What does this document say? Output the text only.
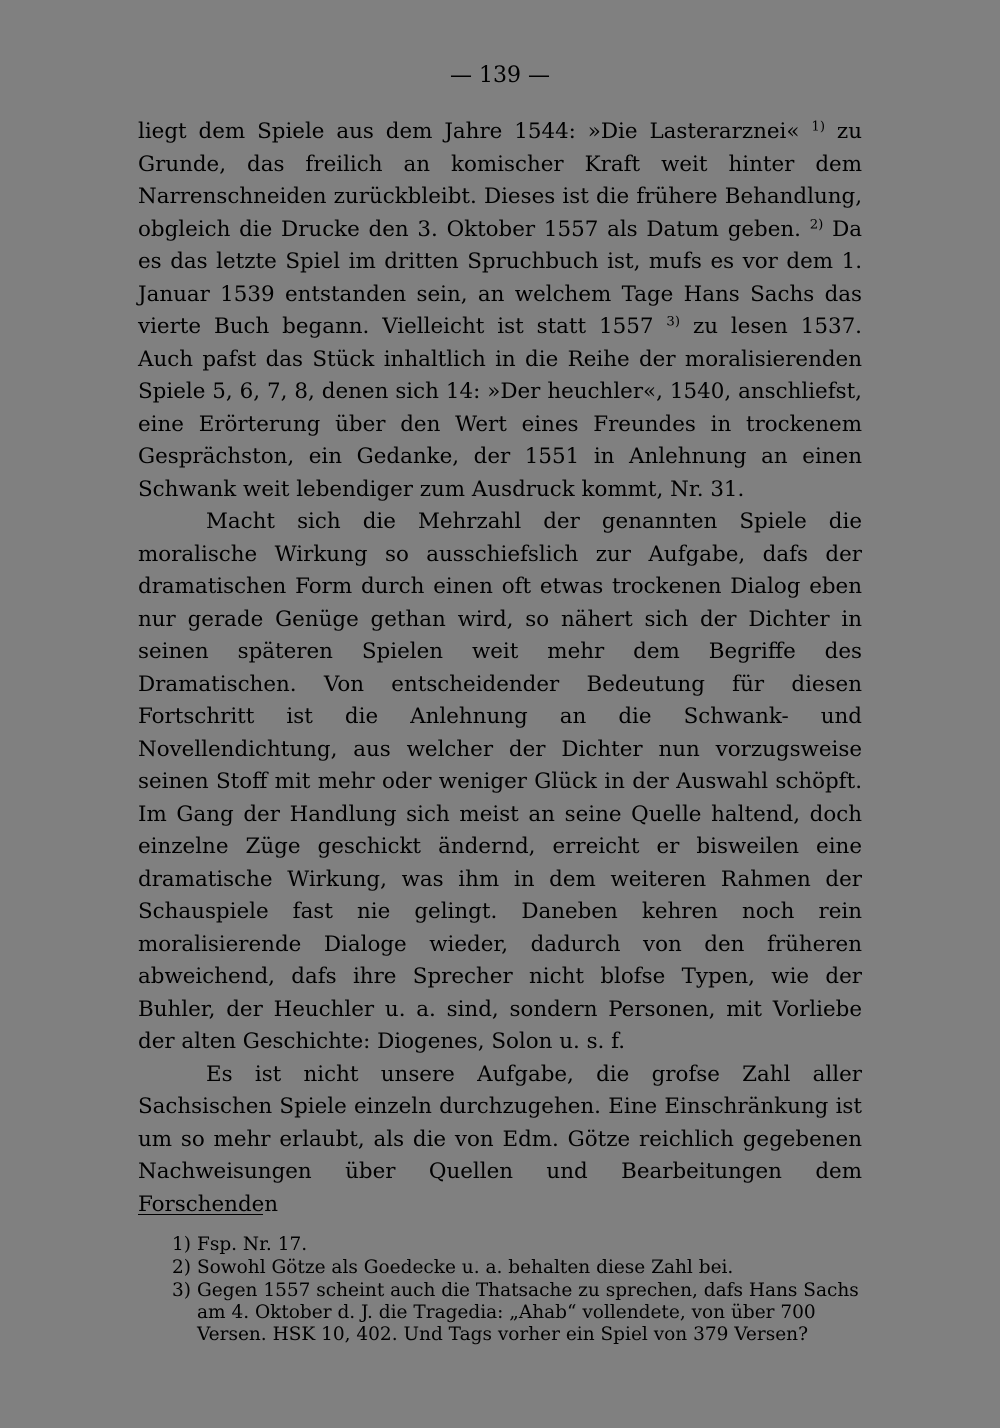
— 139 —

liegt dem Spiele aus dem Jahre 1544: »Die Lasterarznei« $^{1)}$ zu Grunde, das freilich an komischer Kraft weit hinter dem Narrenschneiden zurückbleibt. Dieses ist die frühere Behandlung, obgleich die Drucke den 3. Oktober 1557 als Datum geben. $^{2)}$ Da es das letzte Spiel im dritten Spruchbuch ist, mufs es vor dem 1. Januar 1539 entstanden sein, an welchem Tage Hans Sachs das vierte Buch begann. Vielleicht ist statt 1557 $^{3)}$ zu lesen 1537. Auch pafst das Stück inhaltlich in die Reihe der moralisierenden Spiele 5, 6, 7, 8, denen sich 14: »Der heuchler«, 1540, anschliefst, eine Erörterung über den Wert eines Freundes in trockenem Gesprächston, ein Gedanke, der 1551 in Anlehnung an einen Schwank weit lebendiger zum Ausdruck kommt, Nr. 31.

Macht sich die Mehrzahl der genannten Spiele die moralische Wirkung so ausschiefslich zur Aufgabe, dafs der dramatischen Form durch einen oft etwas trockenen Dialog eben nur gerade Genüge gethan wird, so nähert sich der Dichter in seinen späteren Spielen weit mehr dem Begriffe des Dramatischen. Von entscheidender Bedeutung für diesen Fortschritt ist die Anlehnung an die Schwank- und Novellendichtung, aus welcher der Dichter nun vorzugsweise seinen Stoff mit mehr oder weniger Glück in der Auswahl schöpft. Im Gang der Handlung sich meist an seine Quelle haltend, doch einzelne Züge geschickt ändernd, erreicht er bisweilen eine dramatische Wirkung, was ihm in dem weiteren Rahmen der Schauspiele fast nie gelingt. Daneben kehren noch rein moralisierende Dialoge wieder, dadurch von den früheren abweichend, dafs ihre Sprecher nicht blofse Typen, wie der Buhler, der Heuchler u. a. sind, sondern Personen, mit Vorliebe der alten Geschichte: Diogenes, Solon u. s. f.

Es ist nicht unsere Aufgabe, die grofse Zahl aller Sachsischen Spiele einzeln durchzugehen. Eine Einschränkung ist um so mehr erlaubt, als die von Edm. Götze reichlich gegebenen Nachweisungen über Quellen und Bearbeitungen dem Forschenden

1) Fsp. Nr. 17.

2) Sowohl Götze als Goedecke u. a. behalten diese Zahl bei.

3) Gegen 1557 scheint auch die Thatsache zu sprechen, dafs Hans Sachs am 4. Oktober d. J. die Tragedia: „Ahab“ vollendete, von über 700 Versen. HSK 10, 402. Und Tags vorher ein Spiel von 379 Versen?
